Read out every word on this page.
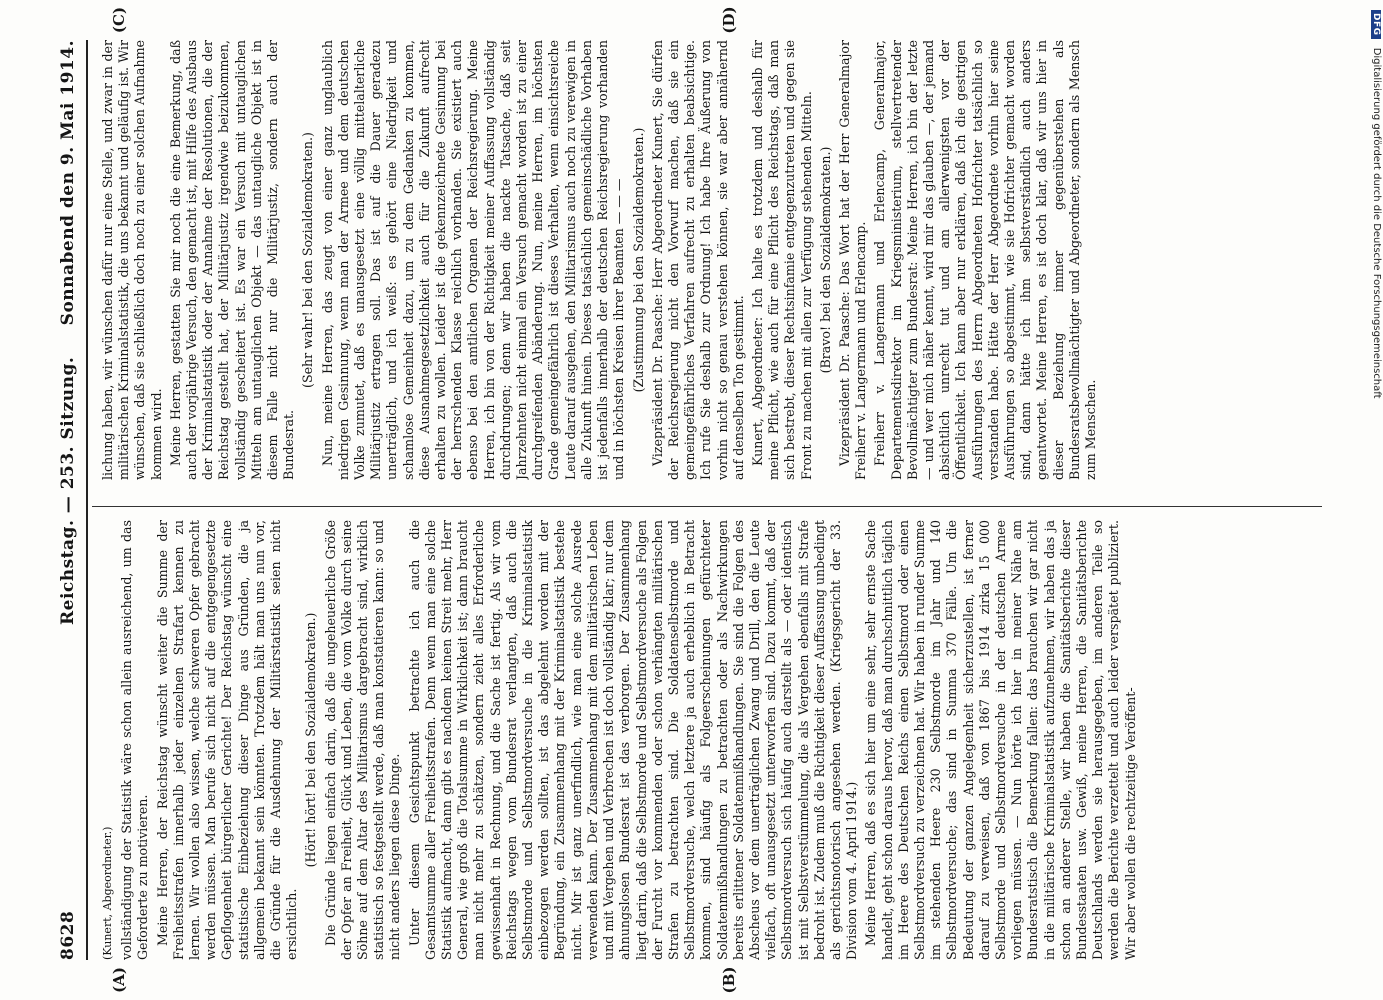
8628
Reichstag. — 253. Sitzung.
Sonnabend den 9. Mai 1914.
(A)	(B)
(C)	(D)

(Kunert, Abgeordneter.) vollständigung der Statistik wäre schon allein ausreichend, um das Geforderte zu motivieren. Meine Herren, der Reichstag wünscht weiter die Summe der Freiheitsstrafen innerhalb jeder einzelnen Strafart kennen zu lernen. Wir wollen also wissen, welche schweren Opfer gebracht werden müssen. Man berufe sich nicht auf die entgegengesetzte Gepflogenheit bürgerlicher Gerichte! Der Reichstag wünscht eine statistische Einbeziehung dieser Dinge aus Gründen, die ja allgemein bekannt sein könnten. Trotzdem hält man uns nun vor, die Gründe für die Ausdehnung der Militärstatistik seien nicht ersichtlich.

(Hört! hört! bei den Sozialdemokraten.) Die Gründe liegen einfach darin, daß die ungeheuerliche Größe der Opfer an Freiheit, Glück und Leben, die vom Volke durch seine Söhne auf dem Altar des Militarismus dargebracht sind, wirklich statistisch so festgestellt werde, daß man konstatieren kann: so und nicht anders liegen diese Dinge. Unter diesem Gesichtspunkt betrachte ich auch die Gesamtsumme aller Freiheitsstrafen. Denn wenn man eine solche Statistik aufmacht, dann gibt es nachdem keinen Streit mehr, Herr General, wie groß die Totalsumme in Wirklichkeit ist; dann braucht man nicht mehr zu schätzen, sondern zieht alles Erforderliche gewissenhaft in Rechnung, und die Sache ist fertig. Als wir vom Reichstags wegen vom Bundesrat verlangten, daß auch die Selbstmorde und Selbstmordversuche in die Kriminalstatistik einbezogen werden sollten, ist das abgelehnt worden mit der Begründung, ein Zusammenhang mit der Kriminalstatistik bestehe nicht. Mir ist ganz unerfindlich, wie man eine solche Ausrede verwenden kann. Der Zusammenhang mit dem militärischen Leben und mit Vergehen und Verbrechen ist doch vollständig klar; nur dem ahnungslosen Bundesrat ist das verborgen. Der Zusammenhang liegt darin, daß die Selbstmorde und Selbstmordversuche als Folgen der Furcht vor kommenden oder schon verhängten militärischen Strafen zu betrachten sind. Die Soldatenselbstmorde und Selbstmordversuche, welch letztere ja auch erheblich in Betracht kommen, sind häufig als Folgeerscheinungen gefürchteter Soldatenmißhandlungen zu betrachten oder als Nachwirkungen bereits erlittener Soldatenmißhandlungen. Sie sind die Folgen des Abscheus vor dem unerträglichen Zwang und Drill, den die Leute vielfach, oft unausgesetzt unterworfen sind. Dazu kommt, daß der Selbstmordversuch sich häufig auch darstellt als — oder identisch ist mit Selbstverstümmelung, die als Vergehen ebenfalls mit Strafe bedroht ist. Zudem muß die Richtigkeit dieser Auffassung unbedingt als gerichtsnotorisch angesehen werden. (Kriegsgericht der 33. Division vom 4. April 1914.) Meine Herren, daß es sich hier um eine sehr, sehr ernste Sache handelt, geht schon daraus hervor, daß man durchschnittlich täglich im Heere des Deutschen Reichs einen Selbstmord oder einen Selbstmordversuch zu verzeichnen hat. Wir haben in runder Summe im stehenden Heere 230 Selbstmorde im Jahr und 140 Selbstmordversuche; das sind in Summa 370 Fälle. Um die Bedeutung der ganzen Angelegenheit sicherzustellen, ist ferner darauf zu verweisen, daß von 1867 bis 1914 zirka 15 000 Selbstmorde und Selbstmordversuche in der deutschen Armee vorliegen müssen. — Nun hörte ich hier in meiner Nähe am Bundesratstisch die Bemerkung fallen: das brauchen wir gar nicht in die militärische Kriminalstatistik aufzunehmen, wir haben das ja schon an anderer Stelle, wir haben die Sanitätsberichte dieser Bundesstaaten usw. Gewiß, meine Herren, die Sanitätsberichte Deutschlands werden sie herausgegeben, im anderen Teile so werden die Berichte verzettelt und auch leider verspätet publiziert. Wir aber wollen die rechtzeitige Veröffent-

lichung haben, wir wünschen dafür nur eine Stelle, und zwar in der militärischen Kriminalstatistik, die uns bekannt und geläufig ist. Wir wünschen, daß sie schließlich doch noch zu einer solchen Aufnahme kommen wird. Meine Herren, gestatten Sie mir noch die eine Bemerkung, daß auch der vorjährige Versuch, den gemacht ist, mit Hilfe des Ausbaus der Kriminalstatistik oder der Annahme der Resolutionen, die der Reichstag gestellt hat, der Militärjustiz irgendwie beizukommen, vollständig gescheitert ist. Es war ein Versuch mit untauglichen Mitteln am untauglichen Objekt — das untaugliche Objekt ist in diesem Falle nicht nur die Militärjustiz, sondern auch der Bundesrat.

(Sehr wahr! bei den Sozialdemokraten.) Nun, meine Herren, das zeugt von einer ganz unglaublich niedrigen Gesinnung, wenn man der Armee und dem deutschen Volke zumutet, daß es unausgesetzt eine völlig mittelalterliche Militärjustiz ertragen soll. Das ist auf die Dauer geradezu unerträglich, und ich weiß: es gehört eine Niedrigkeit und schamlose Gemeinheit dazu, um zu dem Gedanken zu kommen, diese Ausnahmegesetzlichkeit auch für die Zukunft aufrecht erhalten zu wollen. Leider ist die gekennzeichnete Gesinnung bei der herrschenden Klasse reichlich vorhanden. Sie existiert auch ebenso bei den amtlichen Organen der Reichsregierung. Meine Herren, ich bin von der Richtigkeit meiner Auffassung vollständig durchdrungen; denn wir haben die nackte Tatsache, daß seit Jahrzehnten nicht einmal ein Versuch gemacht worden ist zu einer durchgreifenden Abänderung. Nun, meine Herren, im höchsten Grade gemeingefährlich ist dieses Verhalten, wenn einsichtsreiche Leute darauf ausgehen, den Militarismus auch noch zu verewigen in alle Zukunft hinein. Dieses tatsächlich gemeinschädliche Vorhaben ist jedenfalls innerhalb der deutschen Reichsregierung vorhanden und in höchsten Kreisen ihrer Beamten — — — (Zustimmung bei den Sozialdemokraten.) Vizepräsident Dr. Paasche: Herr Abgeordneter Kunert, Sie dürfen der Reichsregierung nicht den Vorwurf machen, daß sie ein gemeingefährliches Verfahren aufrecht zu erhalten beabsichtige. Ich rufe Sie deshalb zur Ordnung! Ich habe Ihre Äußerung von vorhin nicht so genau verstehen können, sie war aber annähernd auf denselben Ton gestimmt. Kunert, Abgeordneter: Ich halte es trotzdem und deshalb für meine Pflicht, wie auch für eine Pflicht des Reichstags, daß man sich bestrebt, dieser Rechtsinfamie entgegenzutreten und gegen sie Front zu machen mit allen zur Verfügung stehenden Mitteln. (Bravo! bei den Sozialdemokraten.) Vizepräsident Dr. Paasche: Das Wort hat der Herr Generalmajor Freiherr v. Langermann und Erlencamp. Freiherr v. Langermann und Erlencamp, Generalmajor, Departementsdirektor im Kriegsministerium, stellvertretender Bevollmächtigter zum Bundesrat: Meine Herren, ich bin der letzte — und wer mich näher kennt, wird mir das glauben —, der jemand absichtlich unrecht tut und am allerwenigsten vor der Öffentlichkeit. Ich kann aber nur erklären, daß ich die gestrigen Ausführungen des Herrn Abgeordneten Hofrichter tatsächlich so verstanden habe. Hätte der Herr Abgeordnete vorhin hier seine Ausführungen so abgestimmt, wie sie Hofrichter gemacht worden sind, dann hätte ich ihm selbstverständlich auch anders geantwortet. Meine Herren, es ist doch klar, daß wir uns hier in dieser Beziehung immer gegenüberstehen als Bundesratsbevollmächtigter und Abgeordneter, sondern als Mensch zum Menschen.

DFG Digitalisierung gefördert durch die Deutsche Forschungsgemeinschaft
